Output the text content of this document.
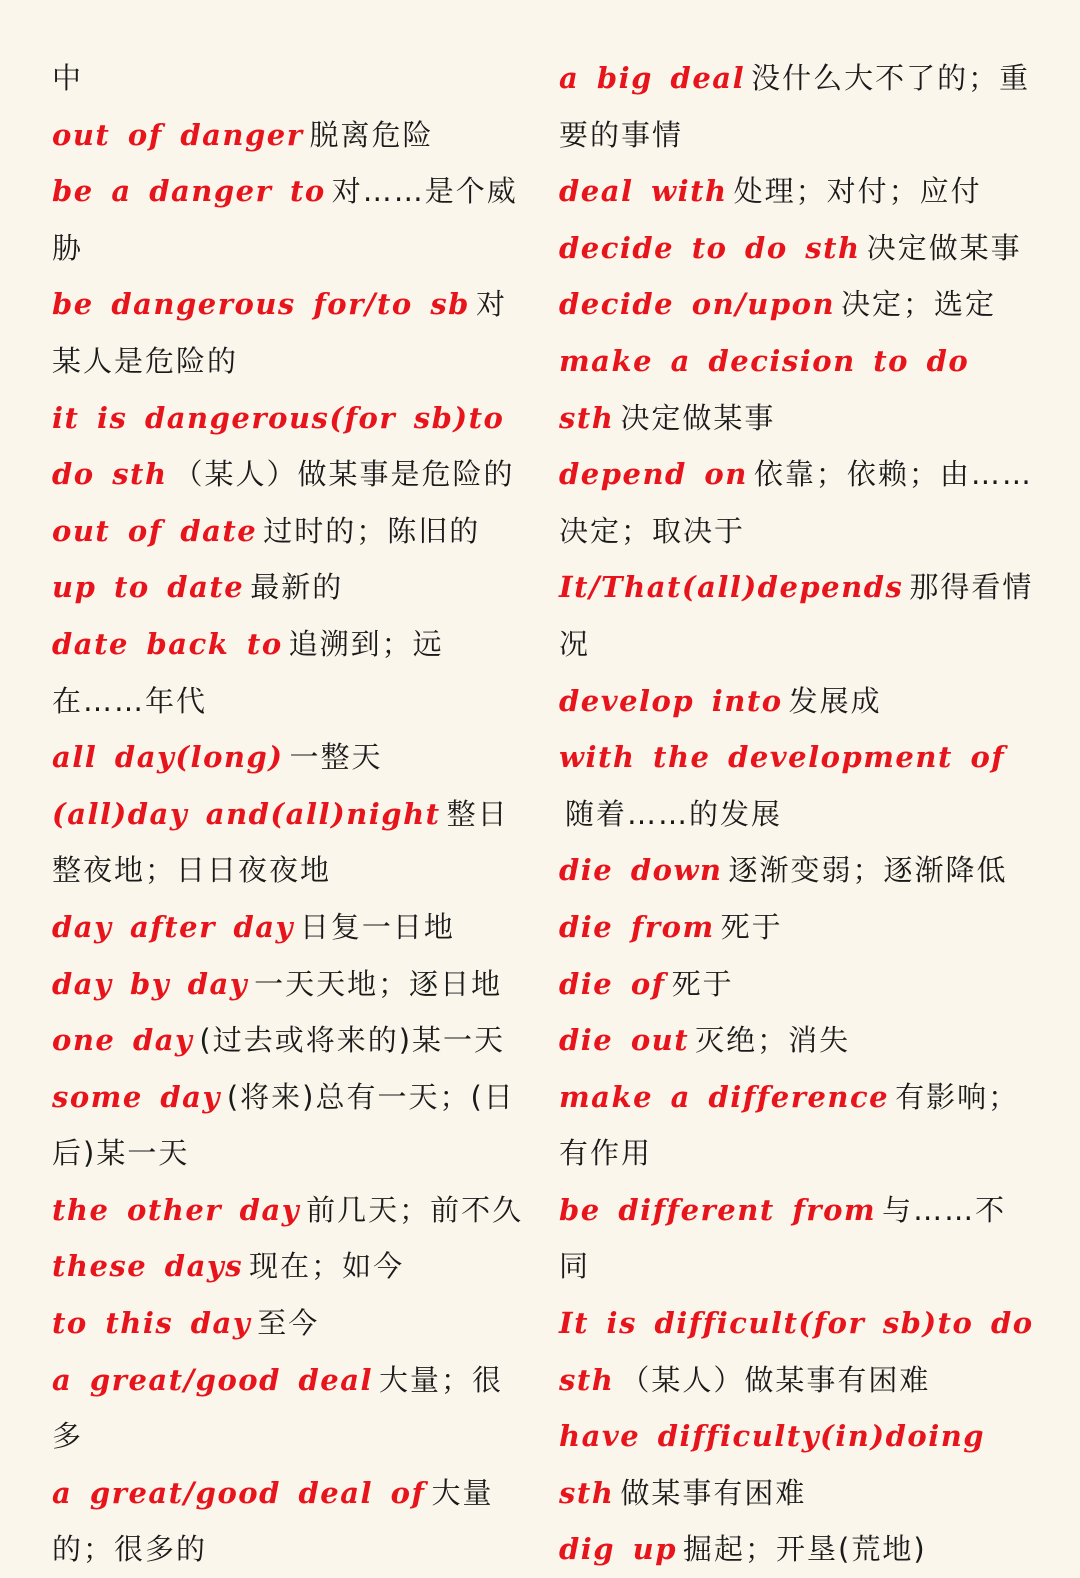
中
out of danger 脱离危险
be a danger to 对……是个威胁
be dangerous for/to sb 对某人是危险的
it is dangerous(for sb)to do sth （某人）做某事是危险的
out of date 过时的；陈旧的
up to date 最新的
date back to 追溯到；远在……年代
all day(long) 一整天
(all)day and(all)night 整日整夜地；日日夜夜地
day after day 日复一日地
day by day 一天天地；逐日地
one day (过去或将来的)某一天
some day (将来)总有一天；(日后)某一天
the other day 前几天；前不久
these days 现在；如今
to this day 至今
a great/good deal 大量；很多
a great/good deal of 大量的；很多的
a big deal 没什么大不了的；重要的事情
deal with 处理；对付；应付
decide to do sth 决定做某事
decide on/upon 决定；选定
make a decision to do sth 决定做某事
depend on 依靠；依赖；由……决定；取决于
It/That(all)depends 那得看情况
develop into 发展成
with the development of随着……的发展
die down 逐渐变弱；逐渐降低
die from 死于
die of 死于
die out 灭绝；消失
make a difference 有影响；有作用
be different from 与……不同
It is difficult(for sb)to do sth （某人）做某事有困难
have difficulty(in)doing sth 做某事有困难
dig up 掘起；开垦(荒地)
